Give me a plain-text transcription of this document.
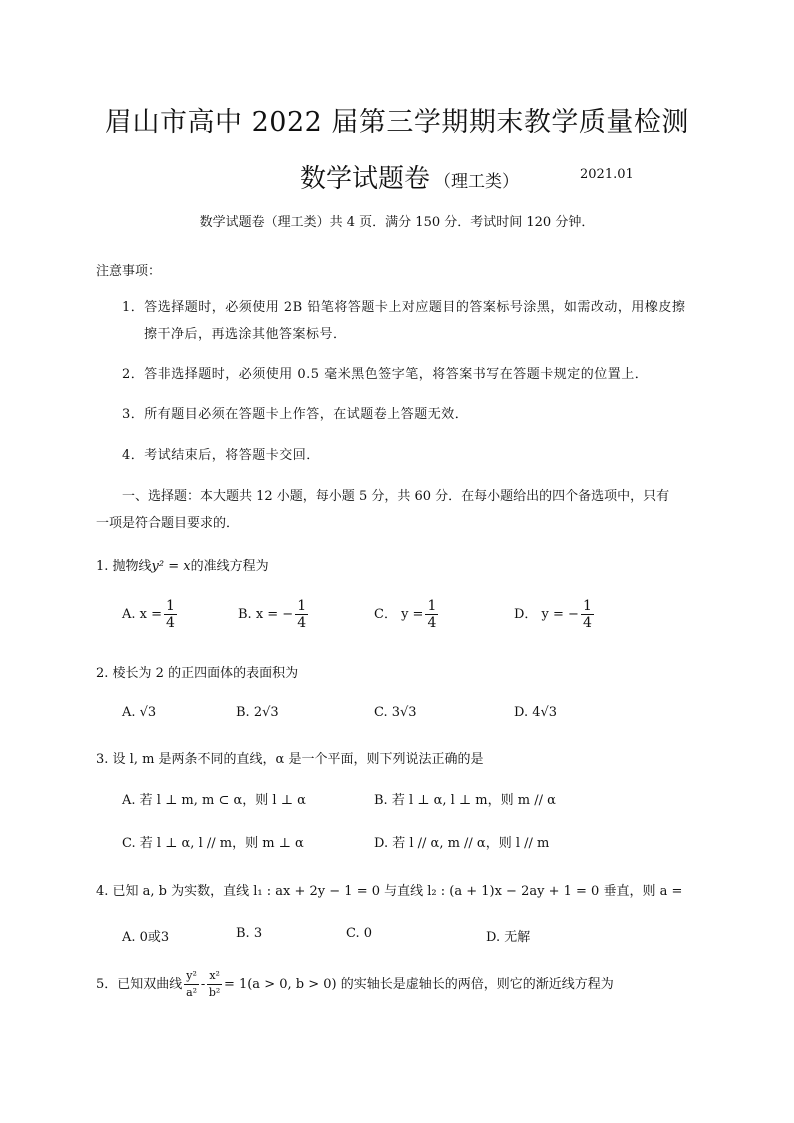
眉山市高中 2022 届第三学期期末教学质量检测
数学试题卷 （理工类）	2021.01
数学试题卷（理工类）共 4 页．满分 150 分．考试时间 120 分钟．
注意事项：
1．答选择题时，必须使用 2B 铅笔将答题卡上对应题目的答案标号涂黑，如需改动，用橡皮擦
擦干净后，再选涂其他答案标号．
2．答非选择题时，必须使用 0.5 毫米黑色签字笔，将答案书写在答题卡规定的位置上．
3．所有题目必须在答题卡上作答，在试题卷上答题无效．
4．考试结束后，将答题卡交回．
一、选择题：本大题共 12 小题，每小题 5 分，共 60 分．在每小题给出的四个备选项中，只有
一项是符合题目要求的．
1. 抛物线y² = x的准线方程为
A. $x = \frac{1}{4}$	B. x = − $\frac{1}{4}$	C． $y = \frac{1}{4}$	D． y = − $\frac{1}{4}$
2. 棱长为 2 的正四面体的表面积为
A. √3	B. 2√3	C. 3√3	D. 4√3
3. 设 l, m 是两条不同的直线，α 是一个平面，则下列说法正确的是
A. 若 l ⊥ m, m ⊂ α，则 l ⊥ α	B. 若 l ⊥ α, l ⊥ m，则 m // α
C. 若 l ⊥ α, l // m，则 m ⊥ α	D. 若 l // α, m // α，则 l // m
4. 已知 a, b 为实数，直线 l₁ : ax + 2y − 1 = 0 与直线 l₂ : (a + 1)x − 2ay + 1 = 0 垂直，则 a =
A. 0或3	B. 3	C. 0	D. 无解
5．已知双曲线 $\frac{\text{y²}}{\text{a²}} - \frac{\text{x²}}{\text{b²}} = 1(a > 0$, b > 0) 的实轴长是虚轴长的两倍，则它的渐近线方程为
